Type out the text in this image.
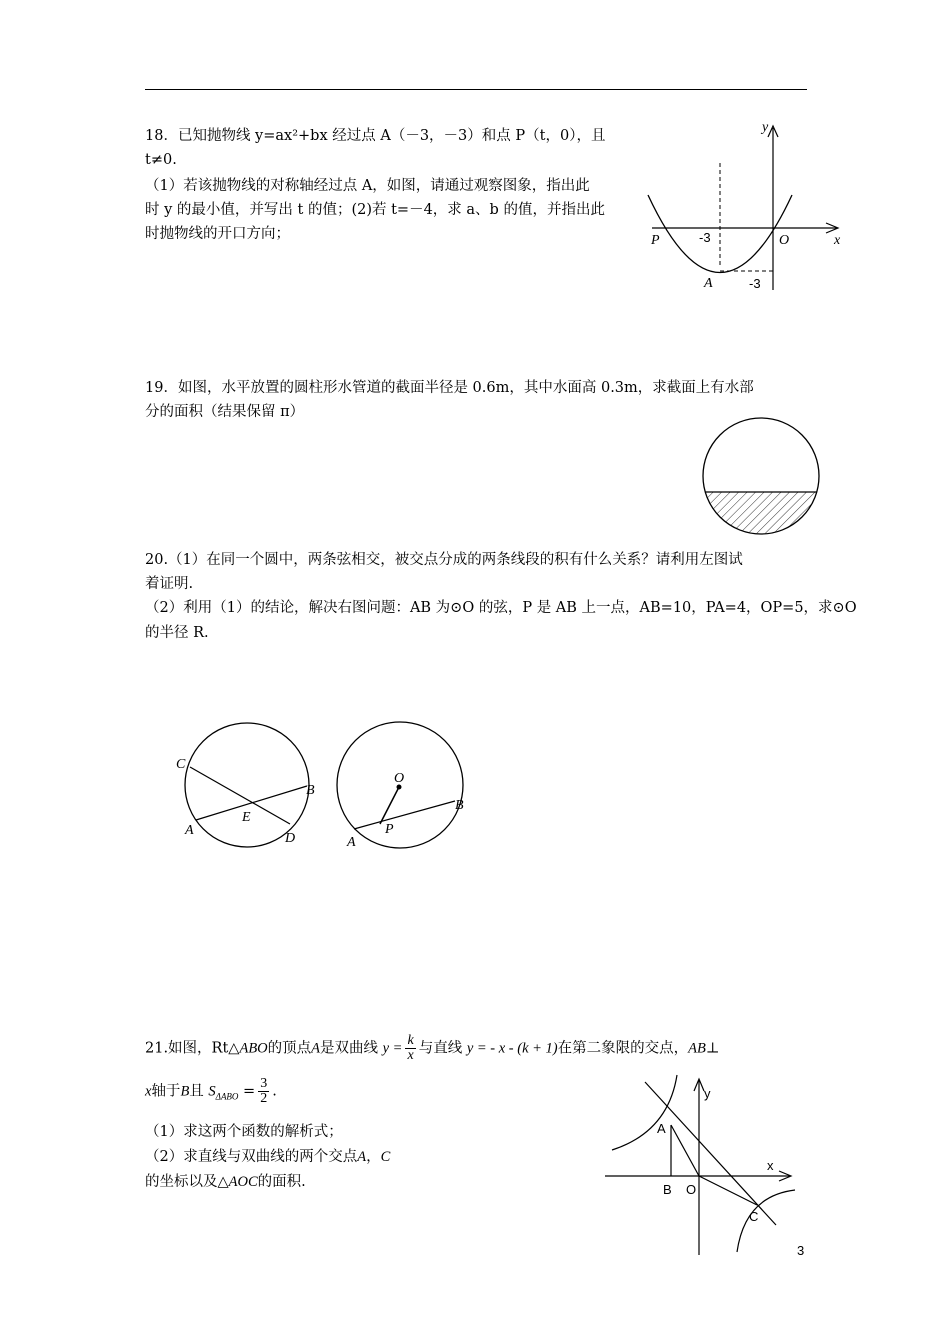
18．已知抛物线 y=ax²+bx 经过点 A（－3，－3）和点 P（t，0），且
t≠0.
（1）若该抛物线的对称轴经过点 A，如图，请通过观察图象，指出此
时 y 的最小值，并写出 t 的值；(2)若 t=－4，求 a、b 的值，并指出此
时抛物线的开口方向；
y
x
P	O
A
-3
-3
19．如图，水平放置的圆柱形水管道的截面半径是 0.6m，其中水面高 0.3m，求截面上有水部
分的面积（结果保留 π）
20.（1）在同一个圆中，两条弦相交，被交点分成的两条线段的积有什么关系？请利用左图试
着证明.
（2）利用（1）的结论，解决右图问题：AB 为⊙O 的弦，P 是 AB 上一点，AB=10，PA=4，OP=5，求⊙O
的半径 R.
C
B
A
E
D
O
B
A
P
21.如图，Rt△ABO的顶点A是双曲线 $y = \frac{k}{x}$ 与直线 y = - x - (k + 1)在第二象限的交点，AB⊥
x轴于B且 $S_{\Delta ABO} = \frac{3}{2}$ .
（1）求这两个函数的解析式；
（2）求直线与双曲线的两个交点A，C
的坐标以及△AOC的面积.
y
x
A
B O
C
3
